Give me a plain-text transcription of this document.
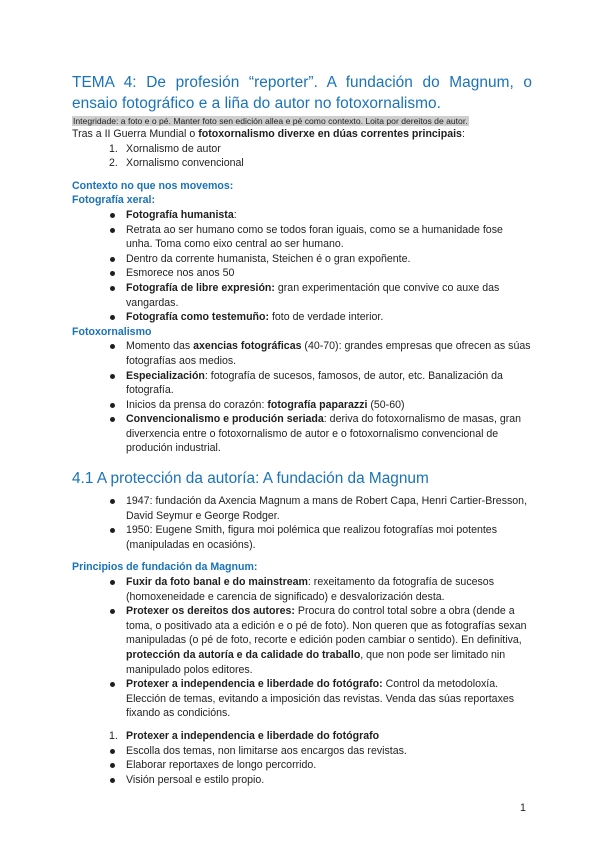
TEMA 4: De profesión “reporter”. A fundación do Magnum, o
ensaio fotográfico e a liña do autor no fotoxornalismo.
Integridade: a foto e o pé. Manter foto sen edición allea e pé como contexto. Loita por dereitos de autor.

Tras a II Guerra Mundial o fotoxornalismo diverxe en dúas correntes principais:

1. Xornalismo de autor
2. Xornalismo convencional

Contexto no que nos movemos:

Fotografía xeral:

Fotografía humanista:
Retrata ao ser humano como se todos foran iguais, como se a humanidade fose unha. Toma como eixo central ao ser humano.
Dentro da corrente humanista, Steichen é o gran expoñente.
Esmorece nos anos 50
Fotografía de libre expresión: gran experimentación que convive co auxe das vangardas.
Fotografía como testemuño: foto de verdade interior.

Fotoxornalismo

Momento das axencias fotográficas (40-70): grandes empresas que ofrecen as súas fotografías aos medios.
Especialización: fotografía de sucesos, famosos, de autor, etc. Banalización da fotografía.
Inicios da prensa do corazón: fotografía paparazzi (50-60)
Convencionalismo e produción seriada: deriva do fotoxornalismo de masas, gran diverxencia entre o fotoxornalismo de autor e o fotoxornalismo convencional de produción industrial.
4.1 A protección da autoría: A fundación da Magnum
1947: fundación da Axencia Magnum a mans de Robert Capa, Henri Cartier-Bresson, David Seymur e George Rodger.
1950: Eugene Smith, figura moi polémica que realizou fotografías moi potentes (manipuladas en ocasións).

Principios de fundación da Magnum:

Fuxir da foto banal e do mainstream: rexeitamento da fotografía de sucesos (homoxeneidade e carencia de significado) e desvalorización desta.
Protexer os dereitos dos autores: Procura do control total sobre a obra (dende a toma, o positivado ata a edición e o pé de foto). Non queren que as fotografías sexan manipuladas (o pé de foto, recorte e edición poden cambiar o sentido). En definitiva, protección da autoría e da calidade do traballo, que non pode ser limitado nin manipulado polos editores.
Protexer a independencia e liberdade do fotógrafo: Control da metodoloxía. Elección de temas, evitando a imposición das revistas. Venda das súas reportaxes fixando as condicións.
1. Protexer a independencia e liberdade do fotógrafo
Escolla dos temas, non limitarse aos encargos das revistas.
Elaborar reportaxes de longo percorrido.
Visión persoal e estilo propio.
1
